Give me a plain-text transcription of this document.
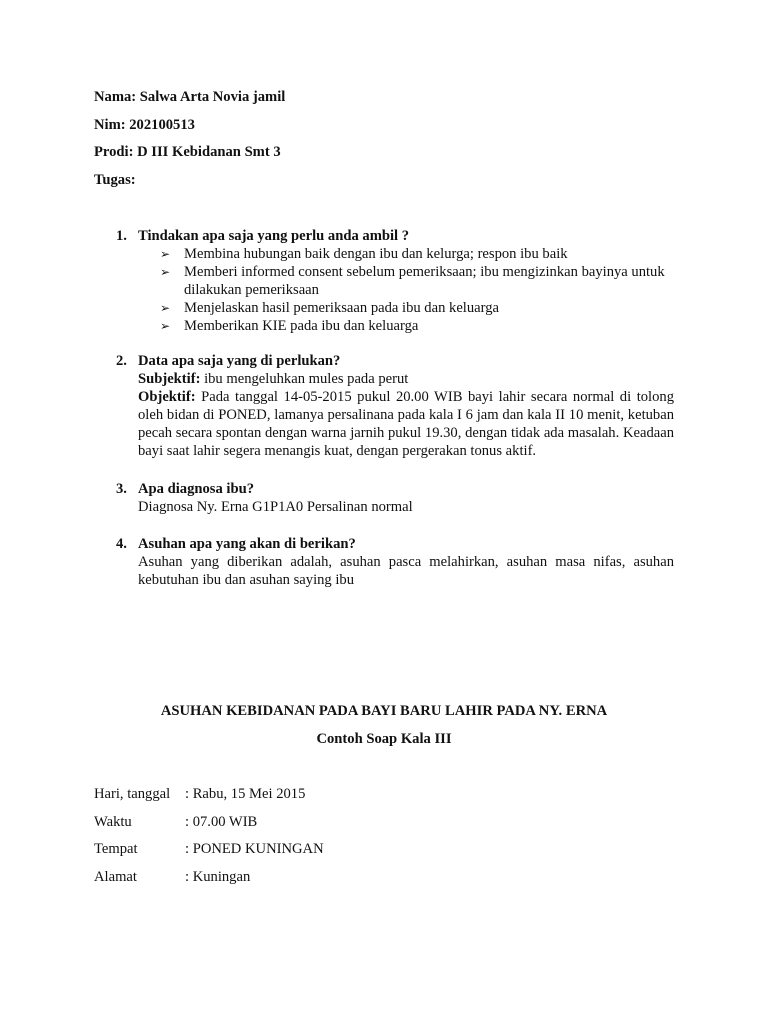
Nama: Salwa Arta Novia jamil
Nim: 202100513
Prodi: D III Kebidanan Smt 3
Tugas:
1. Tindakan apa saja yang perlu anda ambil ?
➢ Membina hubungan baik dengan ibu dan kelurga; respon ibu baik
➢ Memberi informed consent sebelum pemeriksaan; ibu mengizinkan bayinya untuk dilakukan pemeriksaan
➢ Menjelaskan hasil pemeriksaan pada ibu dan keluarga
➢ Memberikan KIE pada ibu dan keluarga
2. Data apa saja yang di perlukan?

Subjektif: ibu mengeluhkan mules pada perut

Objektif: Pada tanggal 14-05-2015 pukul 20.00 WIB bayi lahir secara normal di tolong oleh bidan di PONED, lamanya persalinana pada kala I 6 jam dan kala II 10 menit, ketuban pecah secara spontan dengan warna jarnih pukul 19.30, dengan tidak ada masalah. Keadaan bayi saat lahir segera menangis kuat, dengan pergerakan tonus aktif.

3. Apa diagnosa ibu?
Diagnosa Ny. Erna G1P1A0 Persalinan normal
4. Asuhan apa yang akan di berikan?
Asuhan yang diberikan adalah, asuhan pasca melahirkan, asuhan masa nifas, asuhan kebutuhan ibu dan asuhan saying ibu
ASUHAN KEBIDANAN PADA BAYI BARU LAHIR PADA NY. ERNA
Contoh Soap Kala III
Hari, tanggal : Rabu, 15 Mei 2015
Waktu	: 07.00 WIB
Tempat	: PONED KUNINGAN
Alamat	: Kuningan
